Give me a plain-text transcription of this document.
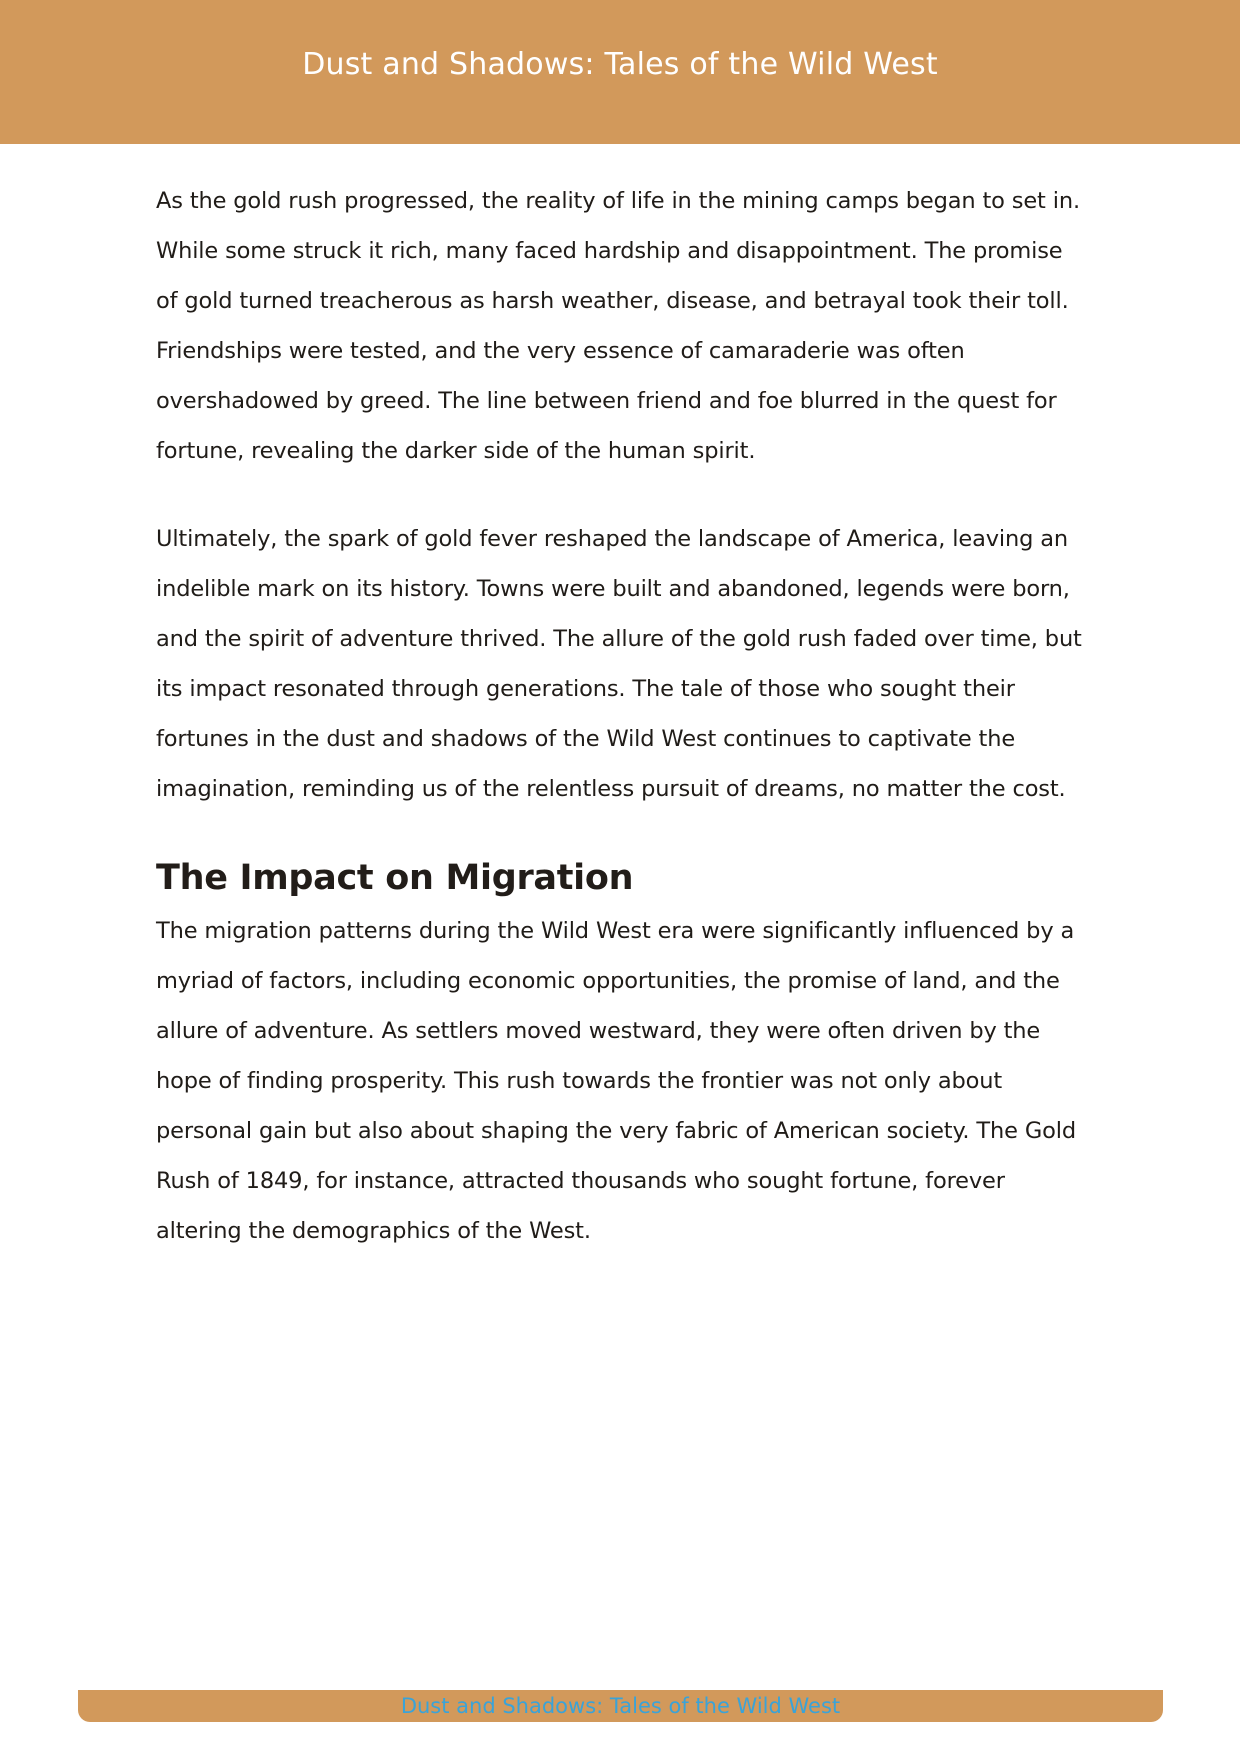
Dust and Shadows: Tales of the Wild West

As the gold rush progressed, the reality of life in the mining camps began to set in. While some struck it rich, many faced hardship and disappointment. The promise of gold turned treacherous as harsh weather, disease, and betrayal took their toll. Friendships were tested, and the very essence of camaraderie was often overshadowed by greed. The line between friend and foe blurred in the quest for fortune, revealing the darker side of the human spirit.

Ultimately, the spark of gold fever reshaped the landscape of America, leaving an indelible mark on its history. Towns were built and abandoned, legends were born, and the spirit of adventure thrived. The allure of the gold rush faded over time, but its impact resonated through generations. The tale of those who sought their fortunes in the dust and shadows of the Wild West continues to captivate the imagination, reminding us of the relentless pursuit of dreams, no matter the cost.

The Impact on Migration

The migration patterns during the Wild West era were significantly influenced by a myriad of factors, including economic opportunities, the promise of land, and the allure of adventure. As settlers moved westward, they were often driven by the hope of finding prosperity. This rush towards the frontier was not only about personal gain but also about shaping the very fabric of American society. The Gold Rush of 1849, for instance, attracted thousands who sought fortune, forever altering the demographics of the West.

Dust and Shadows: Tales of the Wild West
